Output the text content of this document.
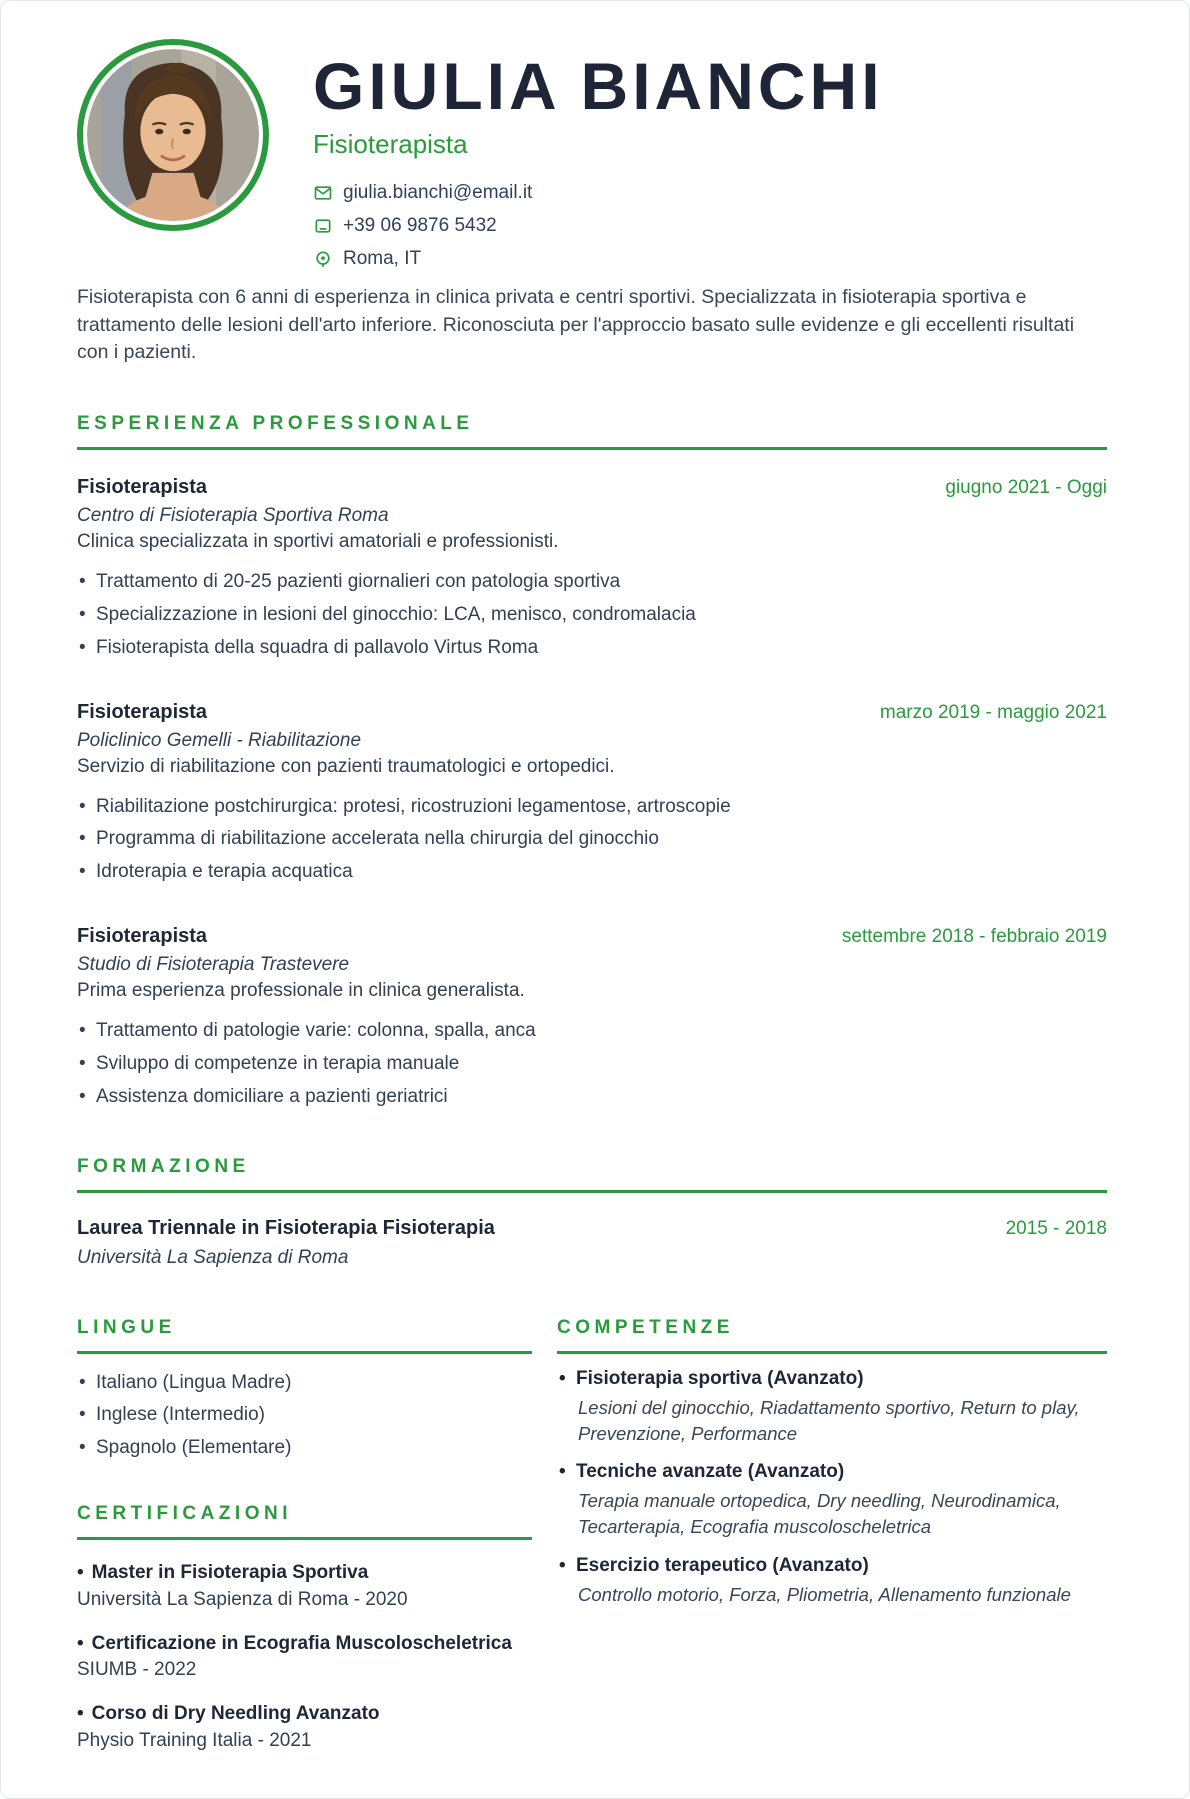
GIULIA BIANCHI
Fisioterapista
giulia.bianchi@email.it
+39 06 9876 5432
Roma, IT

Fisioterapista con 6 anni di esperienza in clinica privata e centri sportivi. Specializzata in fisioterapia sportiva e trattamento delle lesioni dell'arto inferiore. Riconosciuta per l'approccio basato sulle evidenze e gli eccellenti risultati con i pazienti.

ESPERIENZA PROFESSIONALE
Fisioterapista	giugno 2021 - Oggi
Centro di Fisioterapia Sportiva Roma
Clinica specializzata in sportivi amatoriali e professionisti.
• Trattamento di 20-25 pazienti giornalieri con patologia sportiva
• Specializzazione in lesioni del ginocchio: LCA, menisco, condromalacia
• Fisioterapista della squadra di pallavolo Virtus Roma
Fisioterapista	marzo 2019 - maggio 2021
Policlinico Gemelli - Riabilitazione
Servizio di riabilitazione con pazienti traumatologici e ortopedici.
• Riabilitazione postchirurgica: protesi, ricostruzioni legamentose, artroscopie
• Programma di riabilitazione accelerata nella chirurgia del ginocchio
• Idroterapia e terapia acquatica
Fisioterapista	settembre 2018 - febbraio 2019
Studio di Fisioterapia Trastevere
Prima esperienza professionale in clinica generalista.
• Trattamento di patologie varie: colonna, spalla, anca
• Sviluppo di competenze in terapia manuale
• Assistenza domiciliare a pazienti geriatrici
FORMAZIONE
Laurea Triennale in Fisioterapia Fisioterapia	2015 - 2018
Università La Sapienza di Roma
LINGUE
• Italiano (Lingua Madre)
• Inglese (Intermedio)
• Spagnolo (Elementare)
CERTIFICAZIONI
• Master in Fisioterapia Sportiva
Università La Sapienza di Roma - 2020
• Certificazione in Ecografia Muscoloscheletrica
SIUMB - 2022
• Corso di Dry Needling Avanzato
Physio Training Italia - 2021
COMPETENZE
• Fisioterapia sportiva (Avanzato)
Lesioni del ginocchio, Riadattamento sportivo, Return to play, Prevenzione, Performance
• Tecniche avanzate (Avanzato)
Terapia manuale ortopedica, Dry needling, Neurodinamica, Tecarterapia, Ecografia muscoloscheletrica
• Esercizio terapeutico (Avanzato)
Controllo motorio, Forza, Pliometria, Allenamento funzionale
